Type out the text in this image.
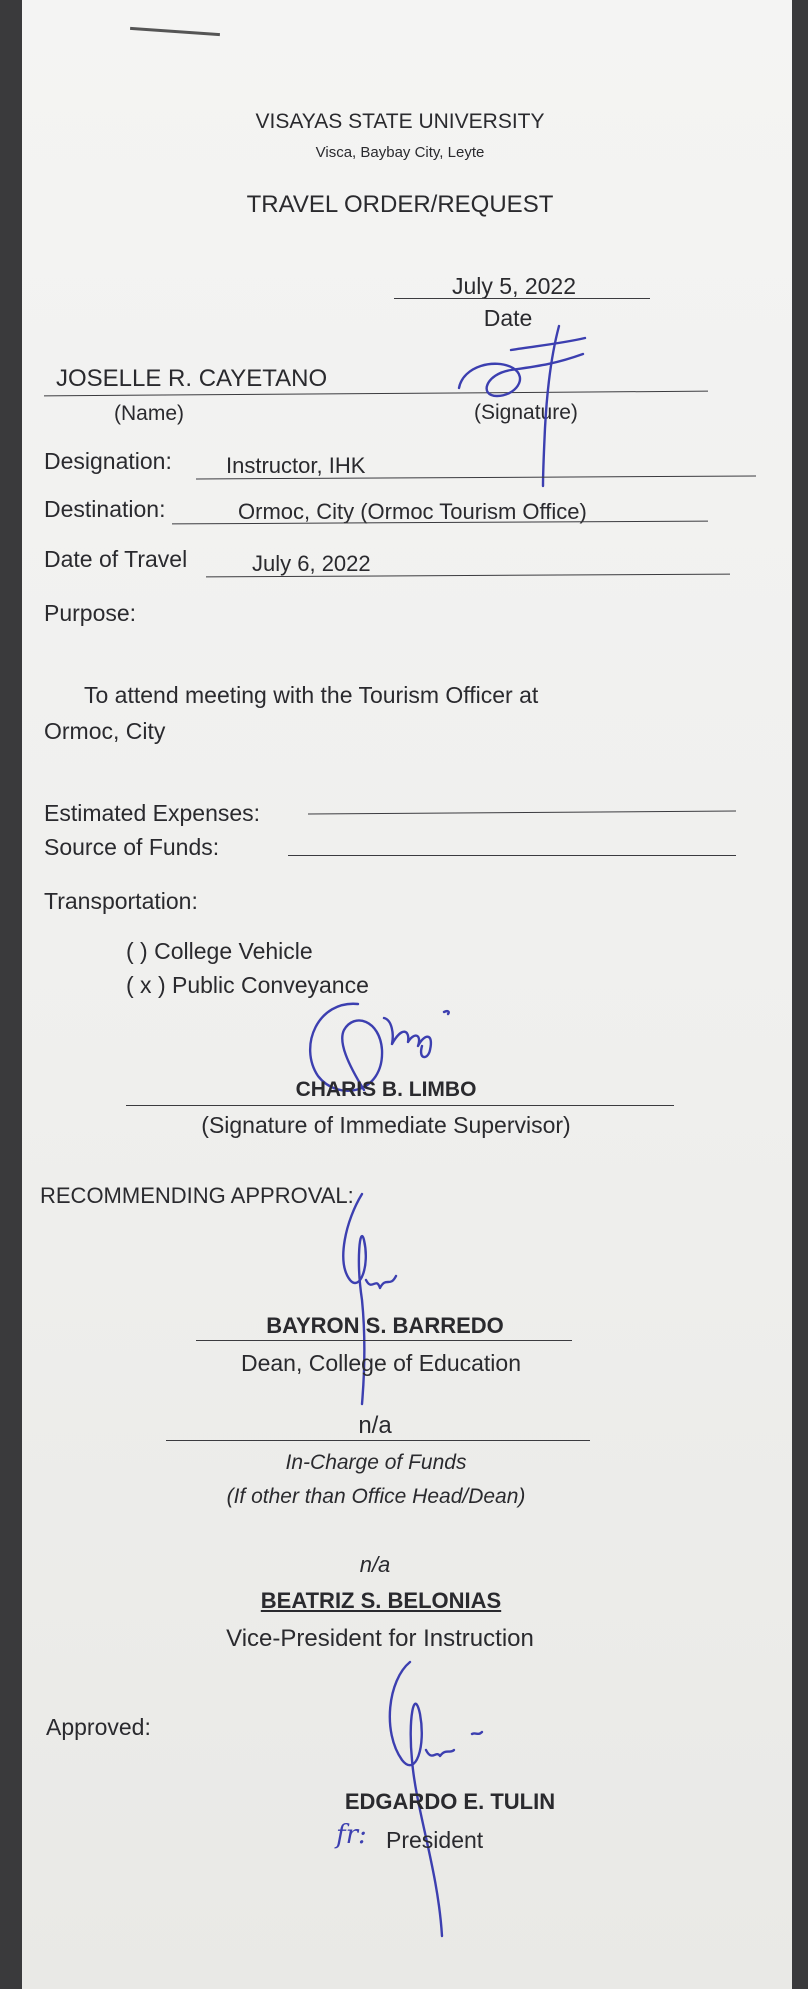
VISAYAS STATE UNIVERSITY
Visca, Baybay City, Leyte
TRAVEL ORDER/REQUEST
July 5, 2022
Date
JOSELLE R. CAYETANO
(Name)	(Signature)
Designation: Instructor, IHK
Destination:	Ormoc, City (Ormoc Tourism Office)
Date of Travel	July 6, 2022
Purpose:
To attend meeting with the Tourism Officer at
Ormoc, City
Estimated Expenses:
Source of Funds:
Transportation:
( ) College Vehicle
( x ) Public Conveyance
CHARIS B. LIMBO
(Signature of Immediate Supervisor)
RECOMMENDING APPROVAL:
BAYRON S. BARREDO
Dean, College of Education
n/a
In-Charge of Funds
(If other than Office Head/Dean)
n/a
BEATRIZ S. BELONIAS
Vice-President for Instruction
Approved:
EDGARDO E. TULIN
fr: President
